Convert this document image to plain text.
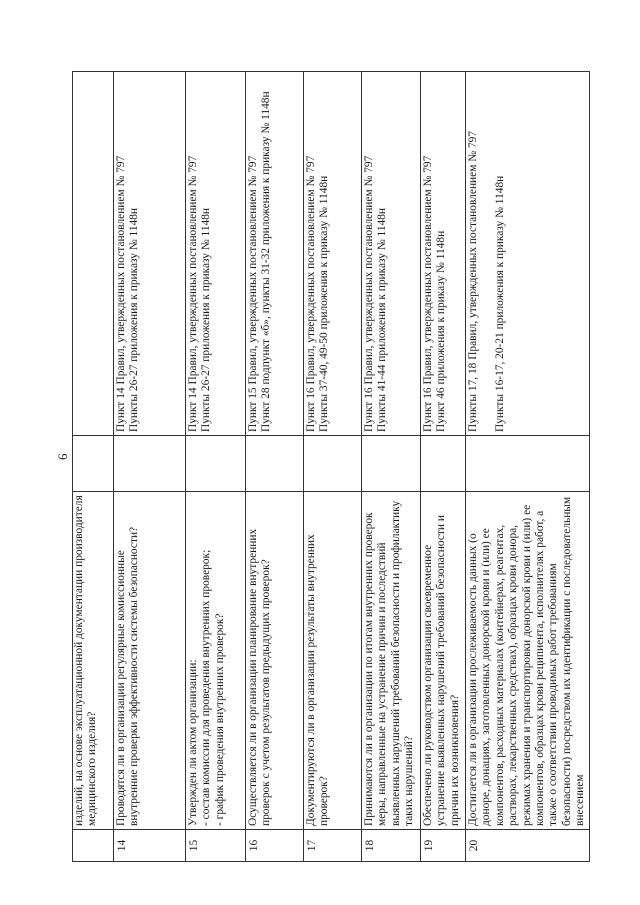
6
	изделий, на основе эксплуатационной документации производителя медицинского изделия?		
14	Проводятся ли в организации регулярные комиссионные внутренние проверки эффективности системы безопасности?		Пункт 14 Правил, утвержденных постановлением № 797 Пункты 26-27 приложения к приказу № 1148н

15	Утвержден ли актом организации: - состав комиссии для проведения внутренних проверок; - график проведения внутренних проверок?		Пункт 14 Правил, утвержденных постановлением № 797 Пункты 26-27 приложения к приказу № 1148н

16	Осуществляется ли в организации планирование внутренних проверок с учетом результатов предыдущих проверок?		Пункт 15 Правил, утвержденных постановлением № 797 Пункт 28 подпункт «б», пункты 31-32 приложения к приказу № 1148н

17	Документируются ли в организации результаты внутренних проверок?		Пункт 16 Правил, утвержденных постановлением № 797 Пункты 37-40, 49-50 приложения к приказу № 1148н

18	Принимаются ли в организации по итогам внутренних проверок меры, направленные на устранение причин и последствий выявленных нарушений требований безопасности и профилактику таких нарушений?		Пункт 16 Правил, утвержденных постановлением № 797 Пункты 41-44 приложения к приказу № 1148н

19	Обеспечено ли руководством организации своевременное устранение выявленных нарушений требований безопасности и причин их возникновения?		Пункт 16 Правил, утвержденных постановлением № 797 Пункт 46 приложения к приказу № 1148н

20	Достигается ли в организации прослеживаемость данных (о доноре, донациях, заготовленных донорской крови и (или) ее компонентов, расходных материалах (контейнерах, реагентах, растворах, лекарственных средствах), образцах крови донора, режимах хранения и транспортировки донорской крови и (или) ее компонентов, образцах крови реципиента, исполнителях работ, а также о соответствии проводимых работ требованиям безопасности) посредством их идентификации с последовательным внесением		Пункты 17, 18 Правил, утвержденных постановлением № 797 Пункты 16-17, 20-21 приложения к приказу № 1148н
